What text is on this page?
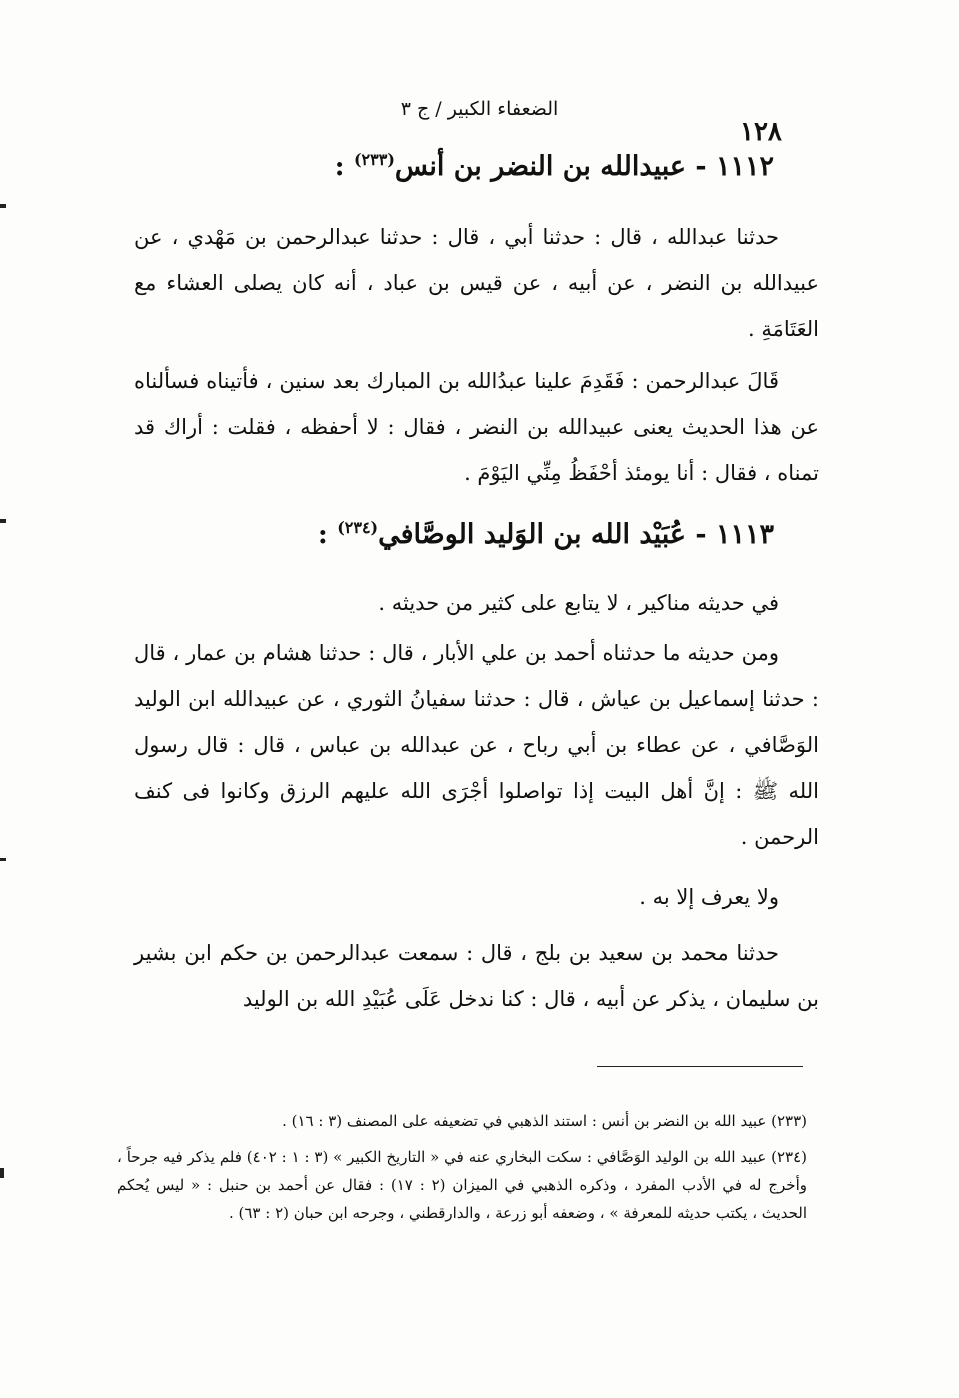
الضعفاء الكبير / ج ٣
١٢٨
١١١٢ - عبيدالله بن النضر بن أنس$^{(٢٣٣)}$ :
حدثنا عبدالله ، قال : حدثنا أبي ، قال : حدثنا عبدالرحمن بن مَهْدي ، عن عبيدالله بن النضر ، عن أبيه ، عن قيس بن عباد ، أنه كان يصلى العشاء مع العَتَامَةِ .
قَالَ عبدالرحمن : فَقَدِمَ علينا عبدُالله بن المبارك بعد سنين ، فأتيناه فسألناه عن هذا الحديث يعنى عبيدالله بن النضر ، فقال : لا أحفظه ، فقلت : أراك قد تمناه ، فقال : أنا يومئذ أحْفَظُ مِنِّي اليَوْمَ .
١١١٣ - عُبَيْد الله بن الوَليد الوصَّافي$^{(٢٣٤)}$ :
في حديثه مناكير ، لا يتابع على كثير من حديثه .
ومن حديثه ما حدثناه أحمد بن علي الأبار ، قال : حدثنا هشام بن عمار ، قال : حدثنا إسماعيل بن عياش ، قال : حدثنا سفيانُ الثوري ، عن عبيدالله ابن الوليد الوَصَّافي ، عن عطاء بن أبي رباح ، عن عبدالله بن عباس ، قال : قال رسول الله ﷺ : إنَّ أهل البيت إذا تواصلوا أجْرَى الله عليهم الرزق وكانوا فى كنف الرحمن .
ولا يعرف إلا به .
حدثنا محمد بن سعيد بن بلج ، قال : سمعت عبدالرحمن بن حكم ابن بشير بن سليمان ، يذكر عن أبيه ، قال : كنا ندخل عَلَى عُبَيْدِ الله بن الوليد

(٢٣٣) عبيد الله بن النضر بن أنس : استند الذهبي في تضعيفه على المصنف (٣ : ١٦) .

(٢٣٤) عبيد الله بن الوليد الوَصَّافي : سكت البخاري عنه في « التاريخ الكبير » (٣ : ١ : ٤٠٢) فلم يذكر فيه جرحاً ، وأخرج له في الأدب المفرد ، وذكره الذهبي في الميزان (٢ : ١٧) : فقال عن أحمد بن حنبل : « ليس يُحكم الحديث ، يكتب حديثه للمعرفة » ، وضعفه أبو زرعة ، والدارقطني ، وجرحه ابن حبان (٢ : ٦٣) .
